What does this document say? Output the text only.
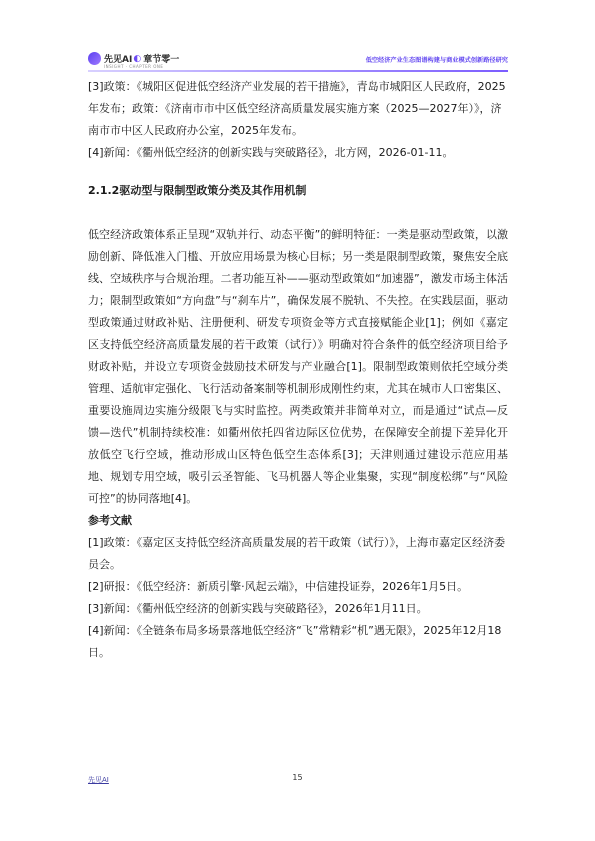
先见AI ◐ 章节零一
INSIGHT · CHAPTER ONE
低空经济产业生态图谱构建与商业模式创新路径研究

[3]政策：《城阳区促进低空经济产业发展的若干措施》，青岛市城阳区人民政府，2025年发布；政策：《济南市市中区低空经济高质量发展实施方案（2025—2027年）》，济南市市中区人民政府办公室，2025年发布。

[4]新闻：《衢州低空经济的创新实践与突破路径》，北方网，2026-01-11。

2.1.2驱动型与限制型政策分类及其作用机制

低空经济政策体系正呈现“双轨并行、动态平衡”的鲜明特征：一类是驱动型政策，以激励创新、降低准入门槛、开放应用场景为核心目标；另一类是限制型政策，聚焦安全底线、空域秩序与合规治理。二者功能互补——驱动型政策如“加速器”，激发市场主体活力；限制型政策如“方向盘”与“刹车片”，确保发展不脱轨、不失控。在实践层面，驱动型政策通过财政补贴、注册便利、研发专项资金等方式直接赋能企业[1]；例如《嘉定区支持低空经济高质量发展的若干政策（试行）》明确对符合条件的低空经济项目给予财政补贴，并设立专项资金鼓励技术研发与产业融合[1]。限制型政策则依托空域分类管理、适航审定强化、飞行活动备案制等机制形成刚性约束，尤其在城市人口密集区、重要设施周边实施分级限飞与实时监控。两类政策并非简单对立，而是通过“试点—反馈—迭代”机制持续校准：如衢州依托四省边际区位优势，在保障安全前提下差异化开放低空飞行空域，推动形成山区特色低空生态体系[3]；天津则通过建设示范应用基地、规划专用空域，吸引云圣智能、飞马机器人等企业集聚，实现“制度松绑”与“风险可控”的协同落地[4]。

参考文献

[1]政策：《嘉定区支持低空经济高质量发展的若干政策（试行）》，上海市嘉定区经济委员会。

[2]研报：《低空经济：新质引擎·风起云端》，中信建投证券，2026年1月5日。

[3]新闻：《衢州低空经济的创新实践与突破路径》，2026年1月11日。

[4]新闻：《全链条布局多场景落地低空经济“飞”常精彩“机”遇无限》，2025年12月18日。

先见AI	15
